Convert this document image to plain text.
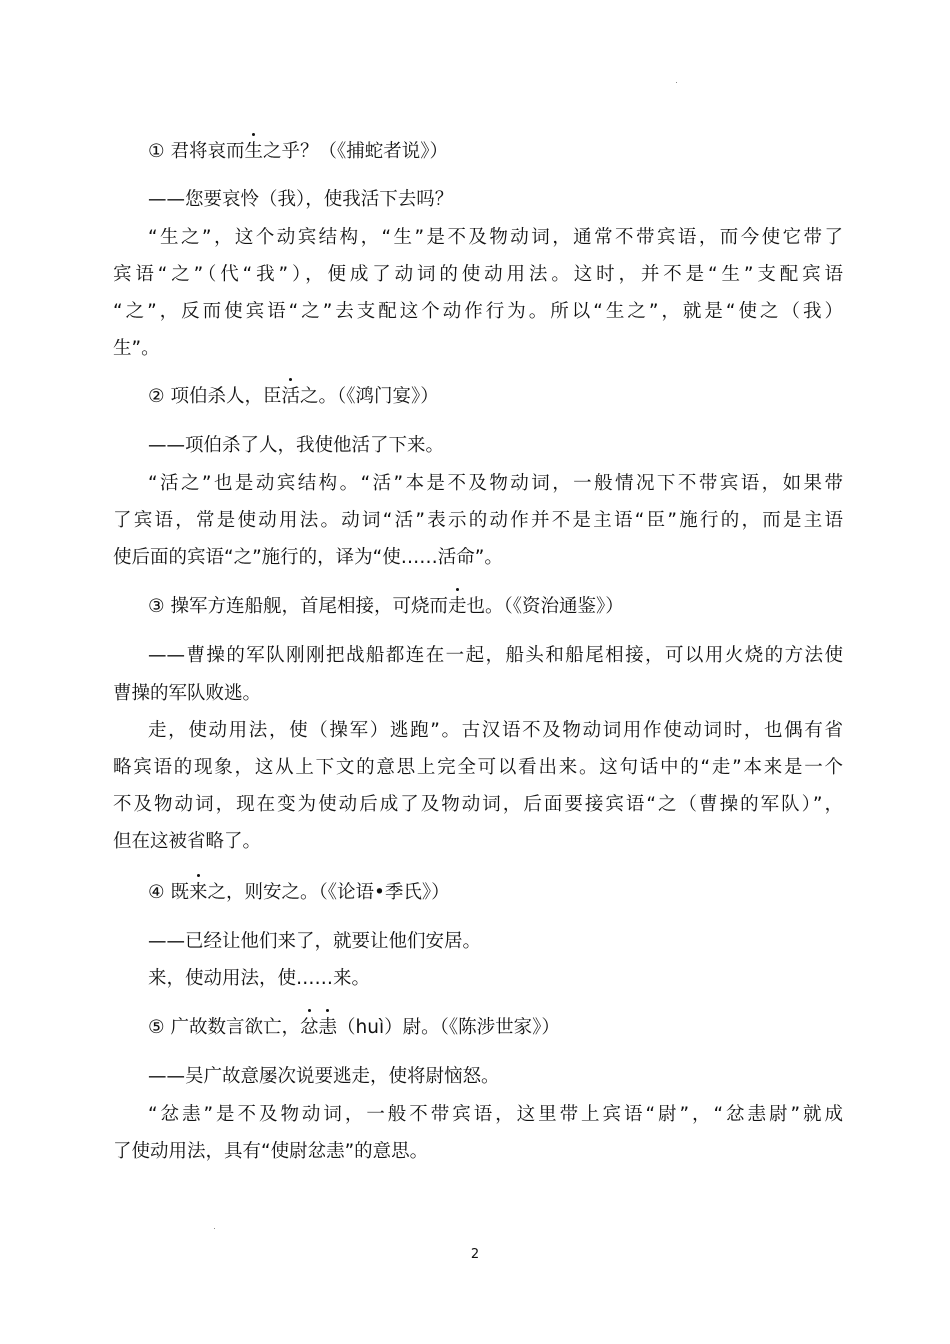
① 君将哀而生之乎？（《捕蛇者说》）
——您要哀怜（我），使我活下去吗？
“生之”，这个动宾结构，“生”是不及物动词，通常不带宾语，而今使它带了
宾语“之”（代“我”），便成了动词的使动用法。这时，并不是“生”支配宾语
“之”，反而使宾语“之”去支配这个动作行为。所以“生之”，就是“使之（我）
生”。
② 项伯杀人，臣活之。（《鸿门宴》）
——项伯杀了人，我使他活了下来。
“活之”也是动宾结构。“活”本是不及物动词，一般情况下不带宾语，如果带
了宾语，常是使动用法。动词“活”表示的动作并不是主语“臣”施行的，而是主语
使后面的宾语“之”施行的，译为“使……活命”。
③ 操军方连船舰，首尾相接，可烧而走也。（《资治通鉴》）
——曹操的军队刚刚把战船都连在一起，船头和船尾相接，可以用火烧的方法使
曹操的军队败逃。
走，使动用法，使（操军）逃跑”。古汉语不及物动词用作使动词时，也偶有省
略宾语的现象，这从上下文的意思上完全可以看出来。这句话中的“走”本来是一个
不及物动词，现在变为使动后成了及物动词，后面要接宾语“之（曹操的军队）”，
但在这被省略了。
④ 既来之，则安之。（《论语•季氏》）
——已经让他们来了，就要让他们安居。
来，使动用法，使……来。
⑤ 广故数言欲亡，忿恚（huì）尉。（《陈涉世家》）
——吴广故意屡次说要逃走，使将尉恼怒。
“忿恚”是不及物动词，一般不带宾语，这里带上宾语“尉”，“忿恚尉”就成
了使动用法，具有“使尉忿恚”的意思。
2
